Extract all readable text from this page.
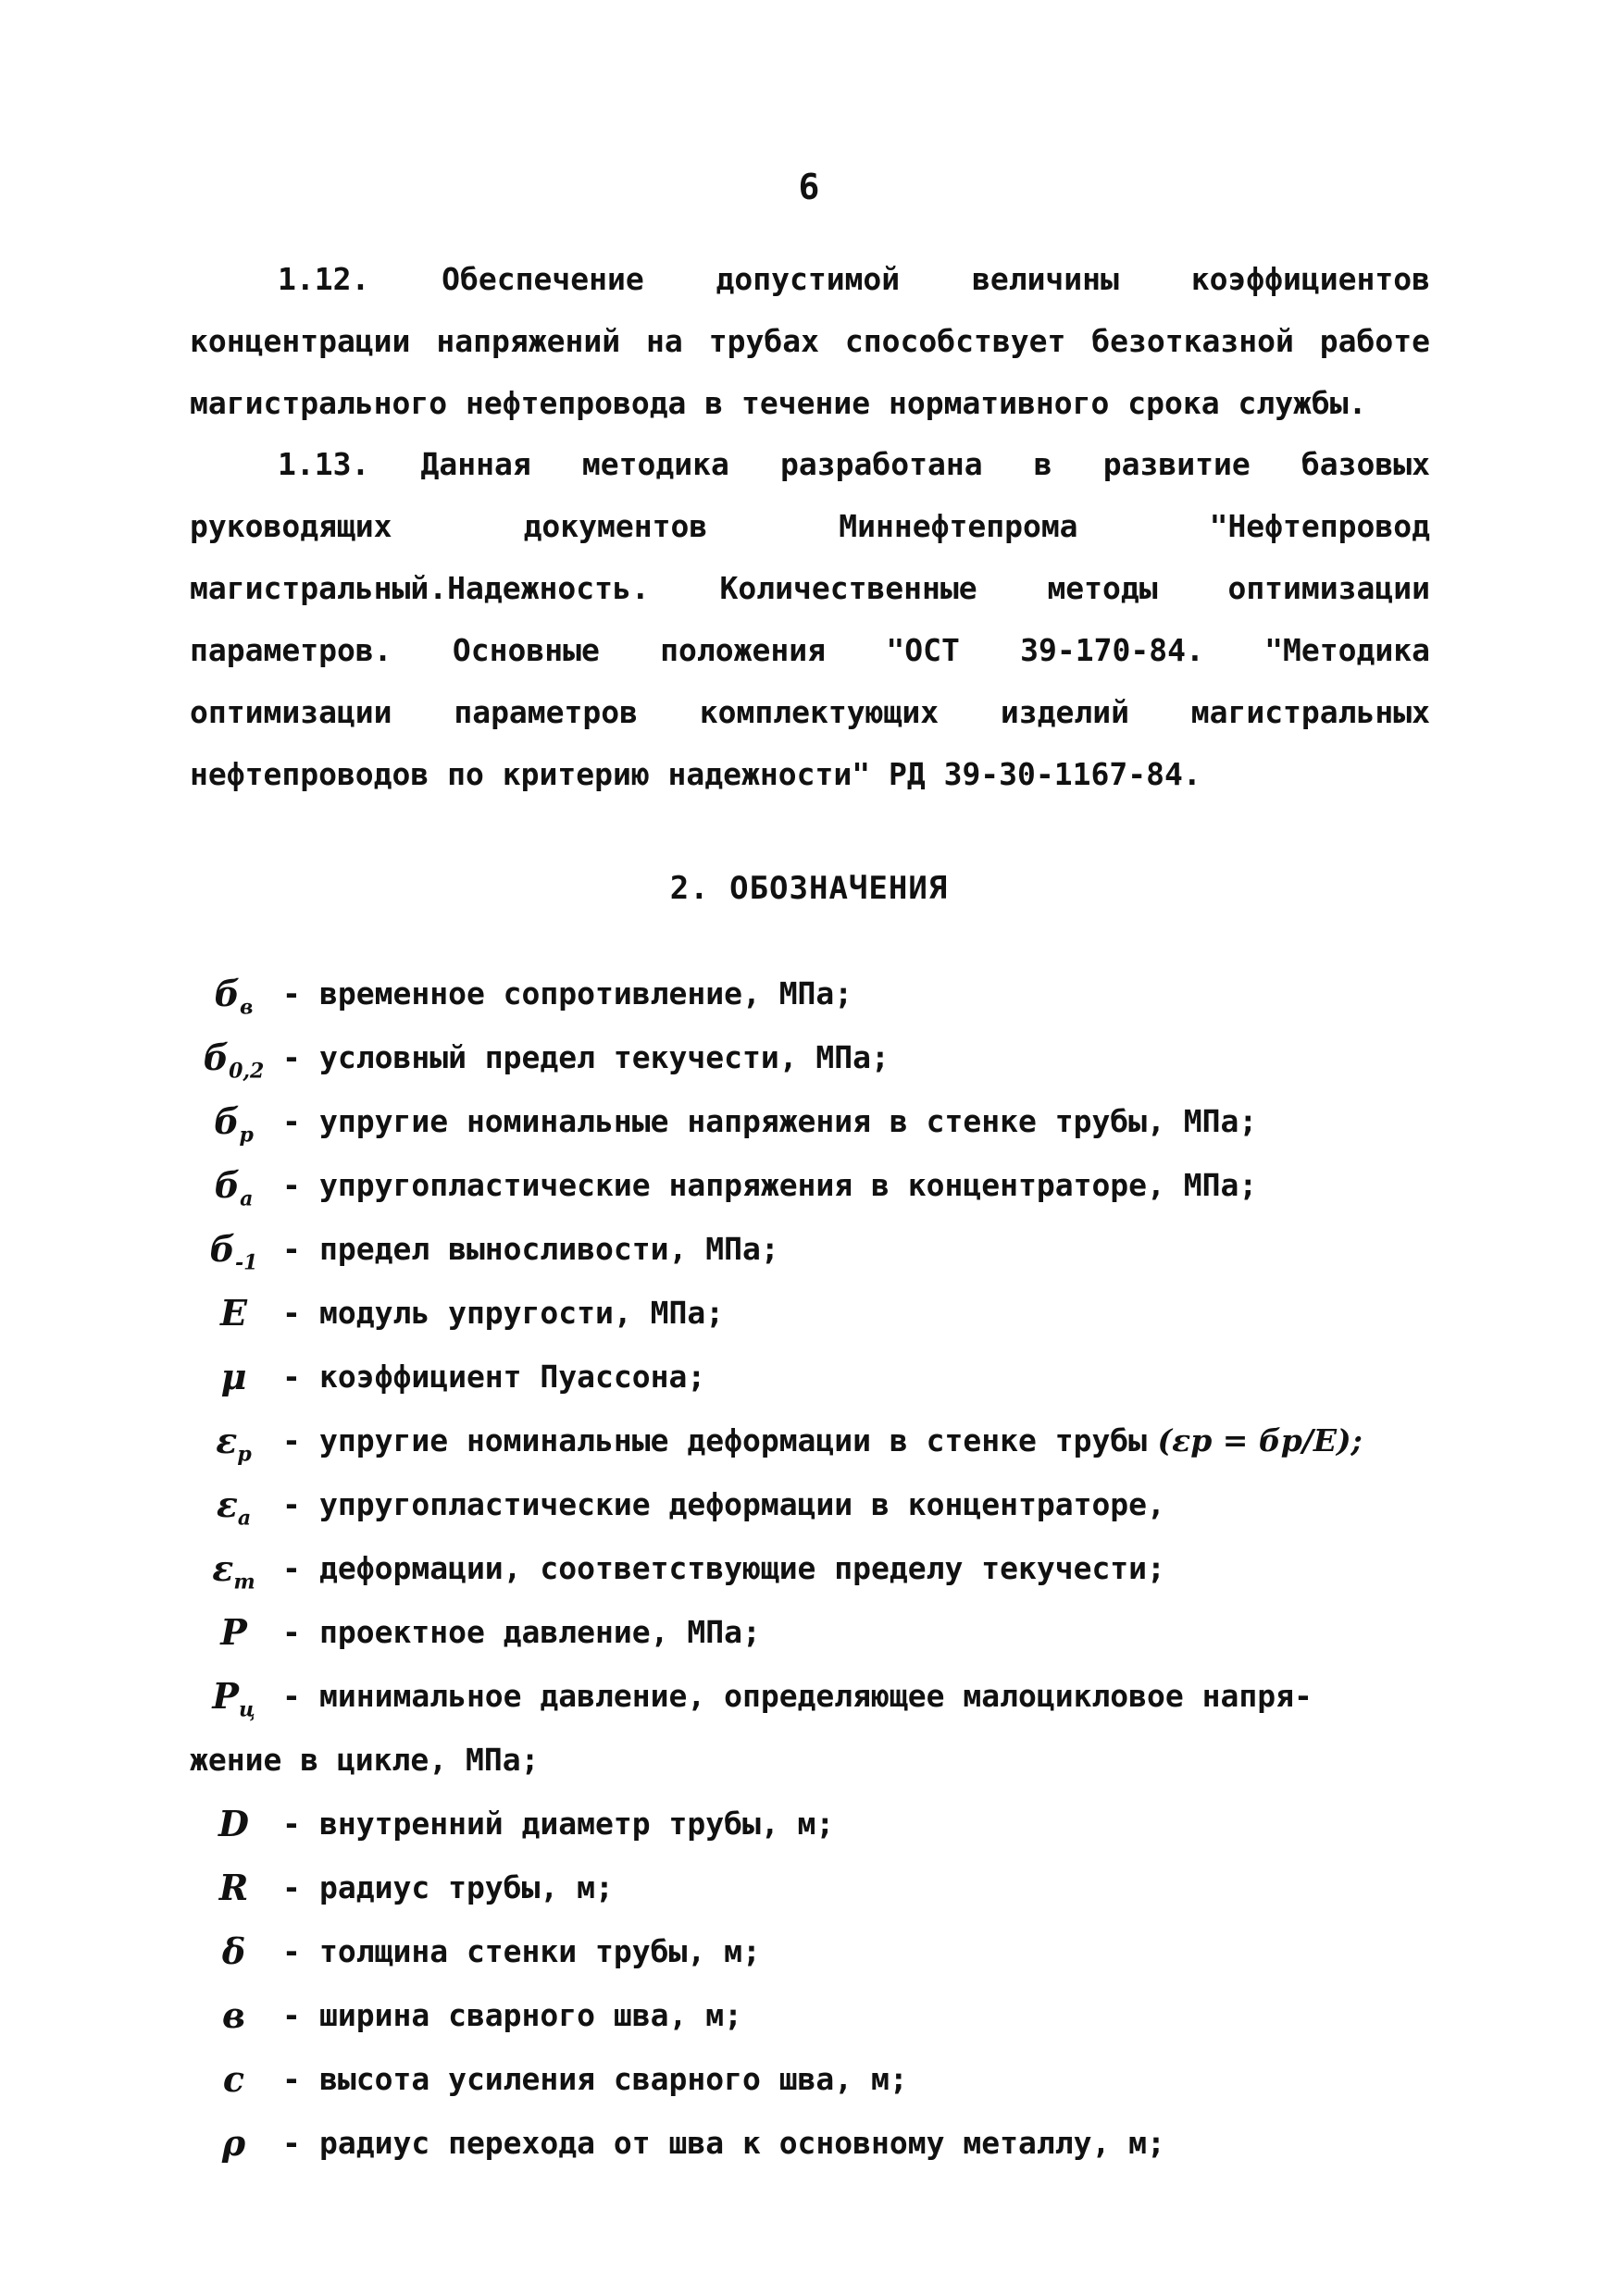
6

1.12. Обеспечение допустимой величины коэффициентов концентрации напряжений на трубах способствует безотказной работе магистрального нефтепровода в течение нормативного срока службы.

1.13. Данная методика разработана в развитие базовых руководящих документов Миннефтепрома "Нефтепровод магистральный.Надежность. Количественные методы оптимизации параметров. Основные положения "ОСТ 39-170-84. "Методика оптимизации параметров комплектующих изделий магистральных нефтепроводов по критерию надежности" РД 39-30-1167-84.

2. ОБОЗНАЧЕНИЯ
$б_в$ - временное сопротивление, МПа;
$б_{0,2}$ - условный предел текучести, МПа;
$б_p$ - упругие номинальные напряжения в стенке трубы, МПа;
$б_a$ - упругопластические напряжения в концентраторе, МПа;
$б_{-1}$ - предел выносливости, МПа;
E	- модуль упругости, МПа;
μ	- коэффициент Пуассона;
$\varepsilon_p$	- упругие номинальные деформации в стенке трубы (εp = бp/E);
$\varepsilon_a$	- упругопластические деформации в концентраторе,
$\varepsilon_т$ - деформации, соответствующие пределу текучести;
P	- проектное давление, МПа;
$P_ц$ - минимальное давление, определяющее малоцикловое напря-
жение в цикле, МПа;
D	- внутренний диаметр трубы, м;
R	- радиус трубы, м;
δ	- толщина стенки трубы, м;
в	- ширина сварного шва, м;
c	- высота усиления сварного шва, м;
ρ	- радиус перехода от шва к основному металлу, м;
